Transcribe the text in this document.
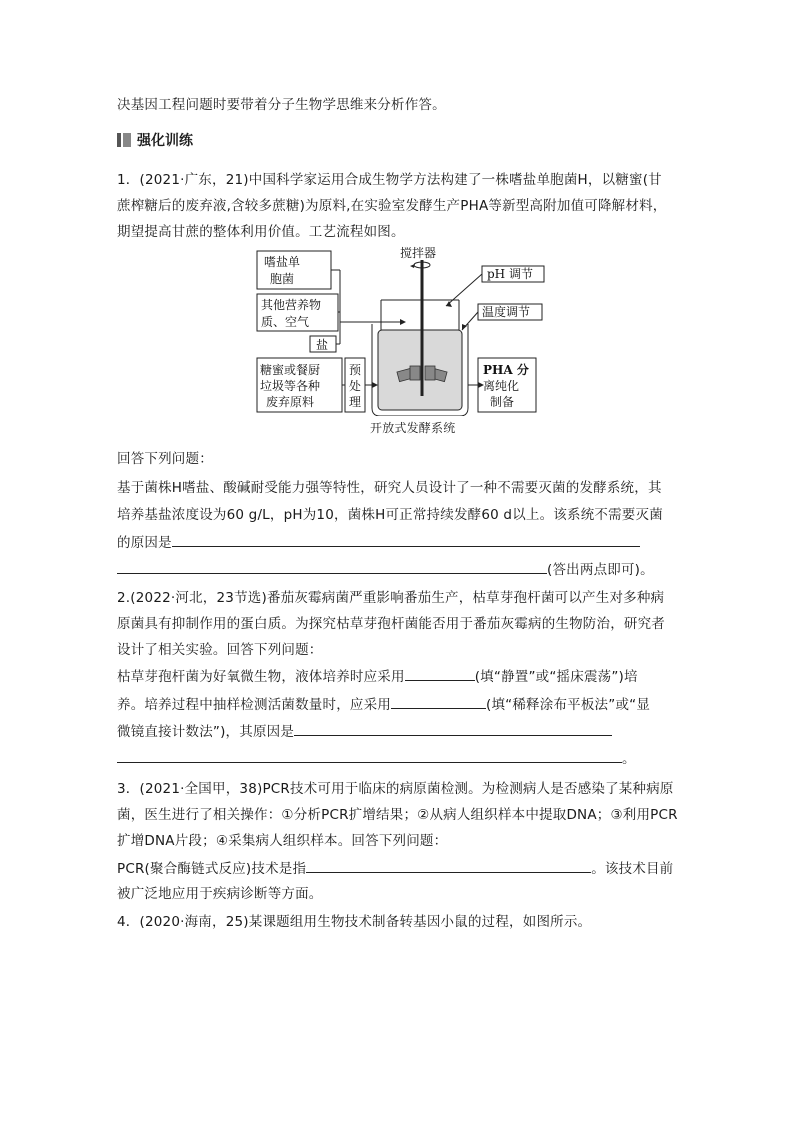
决基因工程问题时要带着分子生物学思维来分析作答。
强化训练
1．(2021·广东，21)中国科学家运用合成生物学方法构建了一株嗜盐单胞菌H，以糖蜜(甘
蔗榨糖后的废弃液,含较多蔗糖)为原料,在实验室发酵生产PHA等新型高附加值可降解材料，
期望提高甘蔗的整体利用价值。工艺流程如图。
嗜盐单
胞菌
其他营养物
质、空气
盐
糖蜜或餐厨
垃圾等各种
废弃原料
预
处
理
搅拌器
pH 调节
温度调节
PHA 分
离纯化
制备
开放式发酵系统
回答下列问题：
基于菌株H嗜盐、酸碱耐受能力强等特性，研究人员设计了一种不需要灭菌的发酵系统，其
培养基盐浓度设为60 g/L，pH为10，菌株H可正常持续发酵60 d以上。该系统不需要灭菌
的原因是
(答出两点即可)。
2.(2022·河北，23节选)番茄灰霉病菌严重影响番茄生产，枯草芽孢杆菌可以产生对多种病
原菌具有抑制作用的蛋白质。为探究枯草芽孢杆菌能否用于番茄灰霉病的生物防治，研究者
设计了相关实验。回答下列问题：
枯草芽孢杆菌为好氧微生物，液体培养时应采用	(填“静置”或“摇床震荡”)培
养。培养过程中抽样检测活菌数量时，应采用	(填“稀释涂布平板法”或“显
微镜直接计数法”)，其原因是
。
3．(2021·全国甲，38)PCR技术可用于临床的病原菌检测。为检测病人是否感染了某种病原
菌，医生进行了相关操作：①分析PCR扩增结果；②从病人组织样本中提取DNA；③利用PCR
扩增DNA片段；④采集病人组织样本。回答下列问题：
PCR(聚合酶链式反应)技术是指	。该技术目前
被广泛地应用于疾病诊断等方面。
4．(2020·海南，25)某课题组用生物技术制备转基因小鼠的过程，如图所示。
